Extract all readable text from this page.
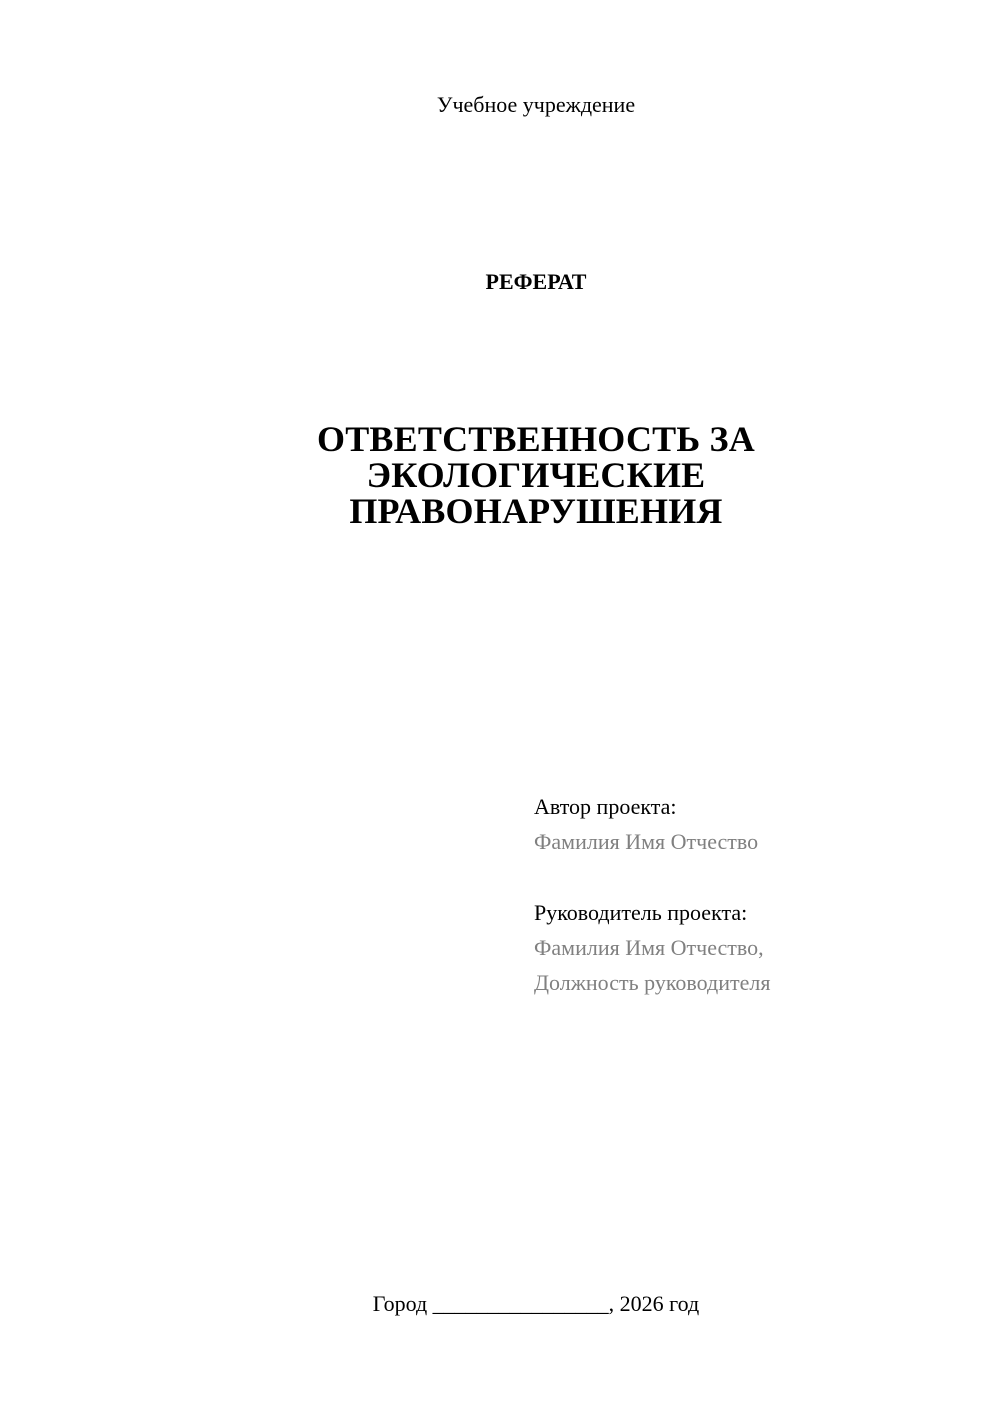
Учебное учреждение
РЕФЕРАТ
ОТВЕТСТВЕННОСТЬ ЗА
ЭКОЛОГИЧЕСКИЕ
ПРАВОНАРУШЕНИЯ
Автор проекта:
Фамилия Имя Отчество
Руководитель проекта:
Фамилия Имя Отчество,
Должность руководителя
Город ________________, 2026 год
